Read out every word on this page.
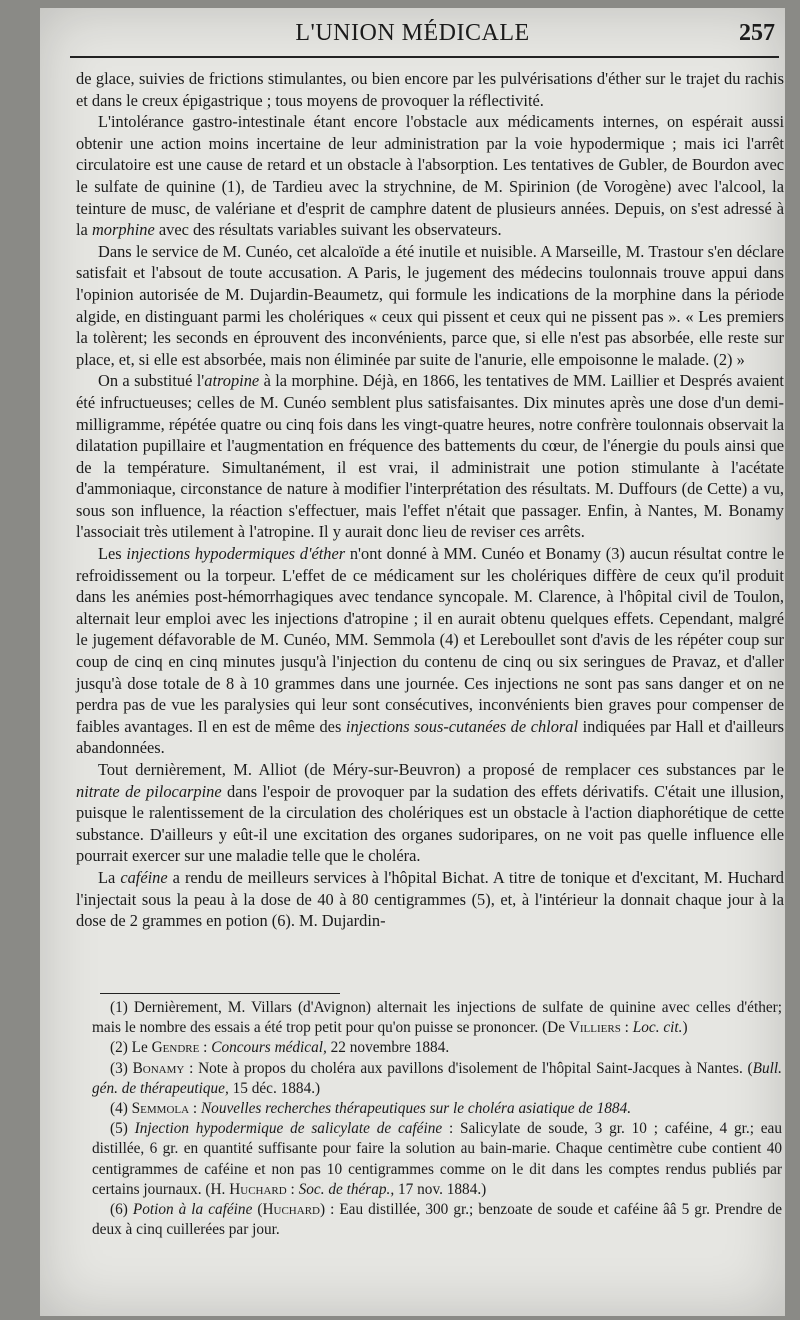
L'UNION MÉDICALE	257

de glace, suivies de frictions stimulantes, ou bien encore par les pulvérisations d'éther sur le trajet du rachis et dans le creux épigastrique ; tous moyens de provoquer la réflectivité.

L'intolérance gastro-intestinale étant encore l'obstacle aux médicaments internes, on espérait aussi obtenir une action moins incertaine de leur administration par la voie hypodermique ; mais ici l'arrêt circulatoire est une cause de retard et un obstacle à l'absorption. Les tentatives de Gubler, de Bourdon avec le sulfate de quinine (1), de Tardieu avec la strychnine, de M. Spirinion (de Vorogène) avec l'alcool, la teinture de musc, de valériane et d'esprit de camphre datent de plusieurs années. Depuis, on s'est adressé à la morphine avec des résultats variables suivant les observateurs.

Dans le service de M. Cunéo, cet alcaloïde a été inutile et nuisible. A Marseille, M. Trastour s'en déclare satisfait et l'absout de toute accusation. A Paris, le jugement des médecins toulonnais trouve appui dans l'opinion autorisée de M. Dujardin-Beaumetz, qui formule les indications de la morphine dans la période algide, en distinguant parmi les cholériques « ceux qui pissent et ceux qui ne pissent pas ». « Les premiers la tolèrent; les seconds en éprouvent des inconvénients, parce que, si elle n'est pas absorbée, elle reste sur place, et, si elle est absorbée, mais non éliminée par suite de l'anurie, elle empoisonne le malade. (2) »

On a substitué l'atropine à la morphine. Déjà, en 1866, les tentatives de MM. Laillier et Després avaient été infructueuses; celles de M. Cunéo semblent plus satisfaisantes. Dix minutes après une dose d'un demi-milligramme, répétée quatre ou cinq fois dans les vingt-quatre heures, notre confrère toulonnais observait la dilatation pupillaire et l'augmentation en fréquence des battements du cœur, de l'énergie du pouls ainsi que de la température. Simultanément, il est vrai, il administrait une potion stimulante à l'acétate d'ammoniaque, circonstance de nature à modifier l'interprétation des résultats. M. Duffours (de Cette) a vu, sous son influence, la réaction s'effectuer, mais l'effet n'était que passager. Enfin, à Nantes, M. Bonamy l'associait très utilement à l'atropine. Il y aurait donc lieu de reviser ces arrêts.

Les injections hypodermiques d'éther n'ont donné à MM. Cunéo et Bonamy (3) aucun résultat contre le refroidissement ou la torpeur. L'effet de ce médicament sur les cholériques diffère de ceux qu'il produit dans les anémies post-hémorrhagiques avec tendance syncopale. M. Clarence, à l'hôpital civil de Toulon, alternait leur emploi avec les injections d'atropine ; il en aurait obtenu quelques effets. Cependant, malgré le jugement défavorable de M. Cunéo, MM. Semmola (4) et Lereboullet sont d'avis de les répéter coup sur coup de cinq en cinq minutes jusqu'à l'injection du contenu de cinq ou six seringues de Pravaz, et d'aller jusqu'à dose totale de 8 à 10 grammes dans une journée. Ces injections ne sont pas sans danger et on ne perdra pas de vue les paralysies qui leur sont consécutives, inconvénients bien graves pour compenser de faibles avantages. Il en est de même des injections sous-cutanées de chloral indiquées par Hall et d'ailleurs abandonnées.

Tout dernièrement, M. Alliot (de Méry-sur-Beuvron) a proposé de remplacer ces substances par le nitrate de pilocarpine dans l'espoir de provoquer par la sudation des effets dérivatifs. C'était une illusion, puisque le ralentissement de la circulation des cholériques est un obstacle à l'action diaphorétique de cette substance. D'ailleurs y eût-il une excitation des organes sudoripares, on ne voit pas quelle influence elle pourrait exercer sur une maladie telle que le choléra.

La caféine a rendu de meilleurs services à l'hôpital Bichat. A titre de tonique et d'excitant, M. Huchard l'injectait sous la peau à la dose de 40 à 80 centigrammes (5), et, à l'intérieur la donnait chaque jour à la dose de 2 grammes en potion (6). M. Dujardin-

(1) Dernièrement, M. Villars (d'Avignon) alternait les injections de sulfate de quinine avec celles d'éther; mais le nombre des essais a été trop petit pour qu'on puisse se prononcer. (De Villiers : Loc. cit.)

(2) Le Gendre : Concours médical, 22 novembre 1884.

(3) Bonamy : Note à propos du choléra aux pavillons d'isolement de l'hôpital Saint-Jacques à Nantes. (Bull. gén. de thérapeutique, 15 déc. 1884.)

(4) Semmola : Nouvelles recherches thérapeutiques sur le choléra asiatique de 1884.

(5) Injection hypodermique de salicylate de caféine : Salicylate de soude, 3 gr. 10 ; caféine, 4 gr.; eau distillée, 6 gr. en quantité suffisante pour faire la solution au bain-marie. Chaque centimètre cube contient 40 centigrammes de caféine et non pas 10 centigrammes comme on le dit dans les comptes rendus publiés par certains journaux. (H. Huchard : Soc. de thérap., 17 nov. 1884.)

(6) Potion à la caféine (Huchard) : Eau distillée, 300 gr.; benzoate de soude et caféine ââ 5 gr. Prendre de deux à cinq cuillerées par jour.
